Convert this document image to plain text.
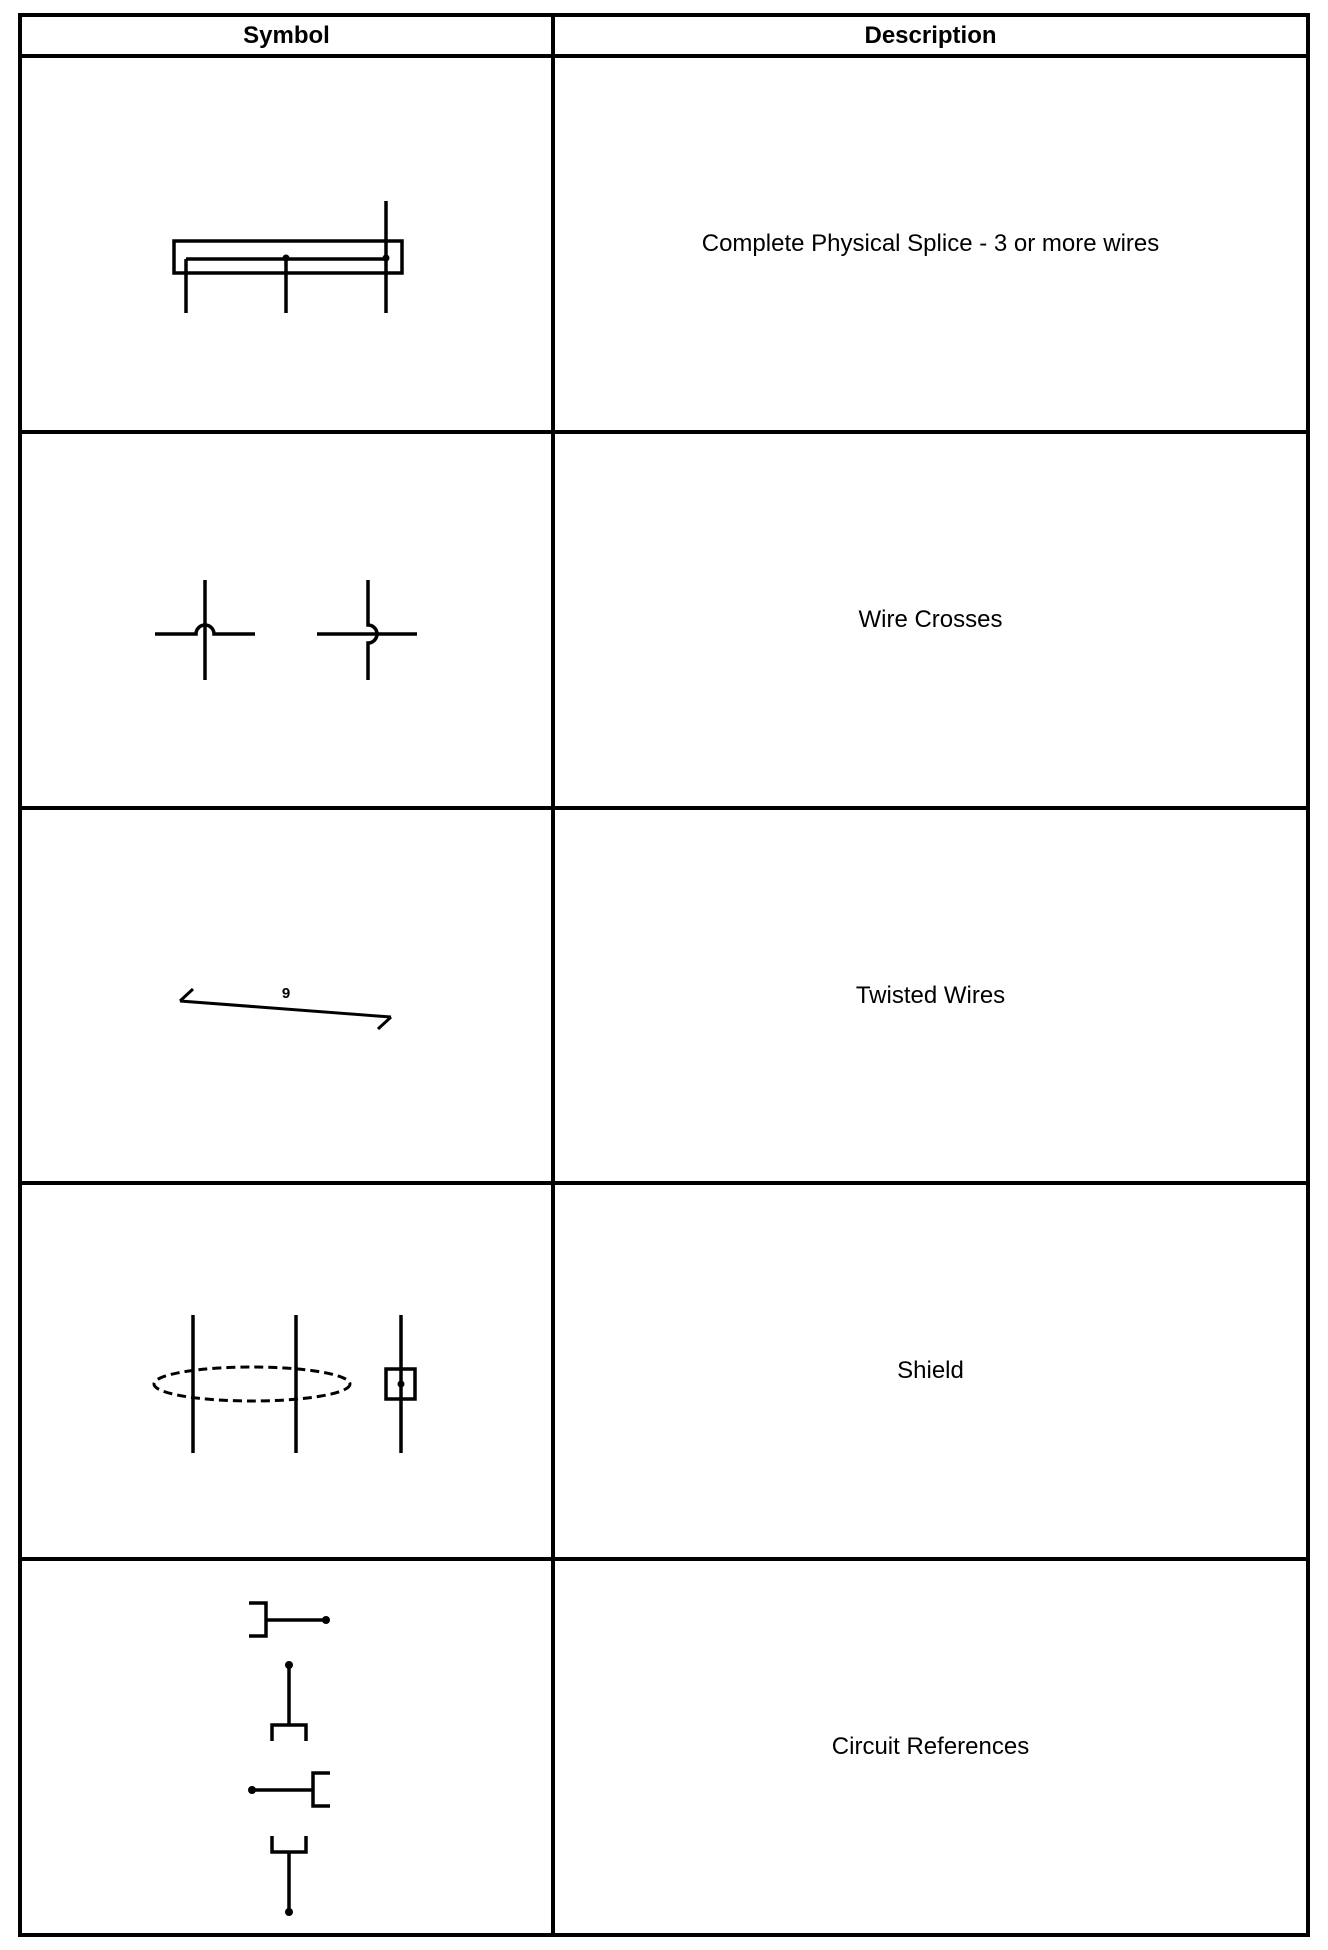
Symbol	Description
Complete Physical Splice - 3 or more wires
Wire Crosses
Twisted Wires
Shield
Circuit References
9
